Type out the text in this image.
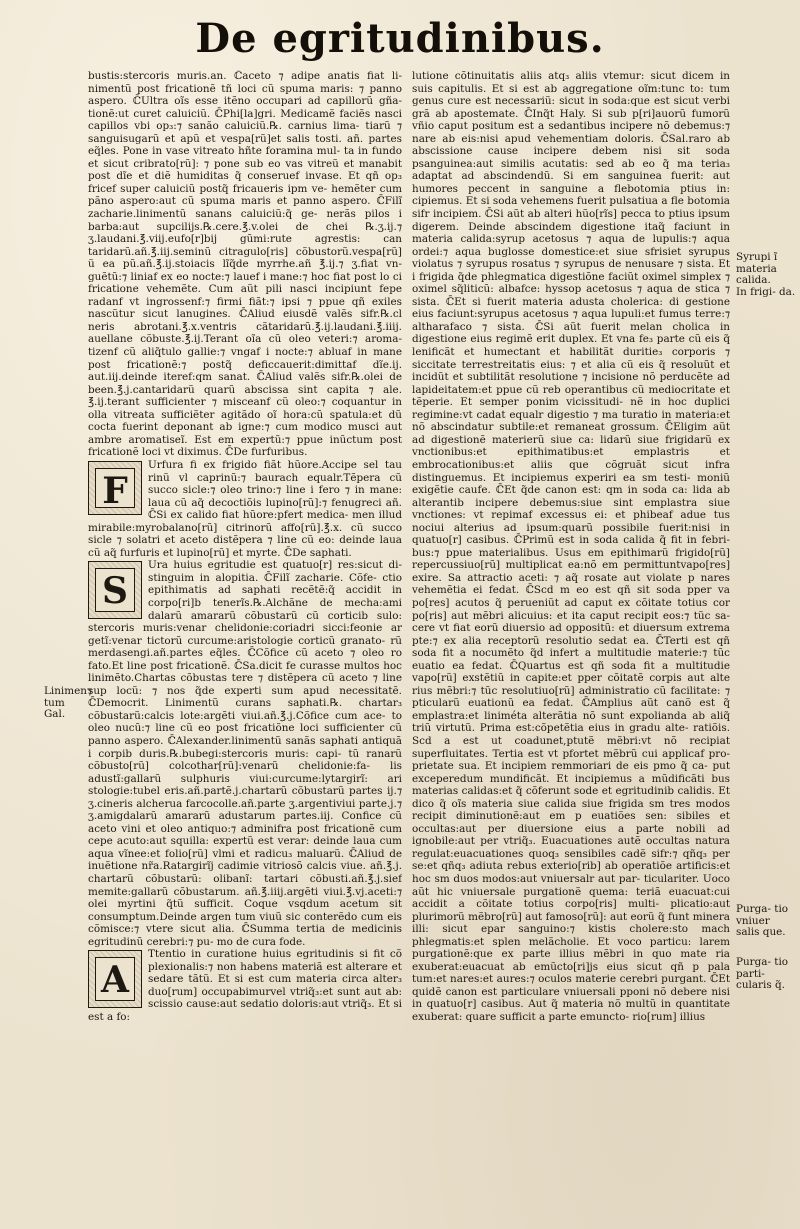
De egritudinibus.

bustis:stercoris muris.an. ℂ̄aceto ⁊ adipe anatis fiat li- nimentũ post fricationẽ tñ loci cũ spuma maris: ⁊ panno asperо. ℂ̄Ultra oĩs esse itẽno occupari ad capillorũ gña- tionẽ:ut curet caluiciũ. ℂ̄Phi[la]gri. Medicamẽ faciẽs nasci capillos vbi op₃:⁊ sanăo caluiciũ.℞. carnius lima- tiarũ ⁊ sanguisugarũ et apũ et vespa[rũ]et salis tosti. añ. partes eq̃les. Pone in vase vitreato hñte foramina mul- ta in fundo et sicut cribrato[rũ]: ⁊ pone sub eo vas vitreũ et manabit post dĩe et diẽ humiditas q̃ conseruef invase. Et qñ op₃ fricef super caluiciũ postq̃ fricaueris ipm ve- hemẽter cum pãno asperо:aut cũ spuma maris et panno asperо. ℂ̄Filĩ zacharie.linimentũ sanans caluiciũ:q̃ ge- nerãs pilos i barba:aut supcilijs.℞.cere.℥.v.olei de chei ℞.ʒ.ij.⁊ ʒ.laudani.℥.viij.eufo[r]bij gũmi:rute agrestis: can taridarũ.añ.℥.iij.seminũ citragulo[ris] cõbustorũ.vespa[rũ] ũ ea pũ.añ.℥.ij.stoiacis lĩq̃de myrrhe.añ ℥.ij.⁊ ʒ.fiat vn- guẽtũ:⁊ liniaf ex eo nocte:⁊ lauef i mane:⁊ hoc fiat post lo ci fricatione vehemẽte. Cum aũt pili nasci incipiunt fepe radanf vt ingrossenf:⁊ firmi fiãt:⁊ ipsi ⁊ ppue qñ exiles nascũtur sicut lanugines. ℂ̄Aliud eiusdẽ valẽs sifr.℞.cl neris abrotani.℥.x.ventris cãtaridarũ.℥.ij.laudani.℥.iiij. auellane cõbuste.℥.ij.Terant oĩa cũ oleo veteri:⁊ aroma- tizenf cũ aliq̃tulo gallie:⁊ vngaf i nocte:⁊ abluaf in mane post fricationẽ:⁊ postq̃ deficcauerit:dimittaf dĩe.ij. aut.iij.deinde iteref:qm sanat. ℂ̄Aliud valẽs sifr.℞.olei de been.℥.j.cantaridarũ quarũ abscissa sint capita ⁊ ale. ℥.ij.terant sufficienter ⁊ misceanf cũ oleo:⁊ coquantur in olla vitreata sufficiẽter agitãdo oĩ hora:cũ spatula:et dũ cocta fuerint deponant ab igne:⁊ cum modico musci aut ambre aromatiseĩ. Est em expertũ:⁊ ppue inũctum post fricationẽ loci vt diximus. ℂ̄De furfuribus.

F

Urfura fi ex frigido fiãt hũore.Accipe sel tau rinũ vl caprinũ:⁊ baurach equalr.Tẽpera cũ succo sicle:⁊ oleo trino:⁊ line i fero ⁊ in mane: laua cũ aq̃ decoctiõis lupino[rũ]:⁊ fenugreci añ. ℂ̄Si ex calido fiat hũore:pfert medica- men illud mirabile:myrobalano[rũ] citrinorũ affo[rũ].℥.x. cũ succo sicle ⁊ solatri et aceto distẽpera ⁊ line cũ eo: deinde laua cũ aq̃ furfuris et lupino[rũ] et myrte. ℂ̄De saphati.

S

Ura huius egritudie est quatuo[r] res:sicut di- stinguim in alopitia. ℂ̄Filĩ zacharie. Cõfe- ctio epithimatis ad saphati recẽtẽ:q̃ accidit in corpo[ri]b tenerĩs.℞.Alchãne de mecha:ami dalarũ amararũ cõbustarũ cũ corticib sulo: stercoris muris:venar chelidonie:coriadri sicci:feonie ar getĩ:venar tictorũ curcume:aristologie corticũ granato- rũ merdasengi.añ.partes eq̃les. ℂ̄Cõfice cũ aceto ⁊ oleo ro fato.Et line post fricationẽ. ℂ̄Sa.dicit fe curasse multos hoc linimẽto.Chartas cõbustas tere ⁊ distẽpera cũ aceto ⁊ line sup locũ: ⁊ nos q̃de experti sum apud necessitatẽ. ℂ̄Democrit. Linimentũ curans saphati.℞. chartar₃ cõbustarũ:calcis lote:argẽti viui.añ.℥.j.Cõfice cum ace- to oleo nucũ:⁊ line cũ eo post fricatiõne loci sufficienter cũ panno asperо. ℂ̄Alexander.linimentũ sanãs saphati antiquã i corpib duris.℞.bubegi:stercoris muris: capi- tũ ranarũ cõbusto[rũ] colcothar[rũ]:venarũ chelidonie:fa- lis adustĩ:gallarũ sulphuris viui:curcume:lytargirĩ: ari stologie:tubel eris.añ.partẽ.j.chartarũ cõbustarũ partes ij.⁊ ʒ.cineris alcherua farcocolle.añ.parte ʒ.argentiviui parte.j.⁊ ʒ.amigdalarũ amararũ adustarum partes.iij. Confice cũ aceto vini et oleo antiquo:⁊ adminifra post fricationẽ cum cepe acuto:aut squilla: expertũ est verar: deinde laua cum aqua vĩnee:et folio[rũ] vlmi et radicu₃ maluarũ. ℂ̄Aliud de inuẽtione nr̃a.Ratargirĩj cadimie vitriosõ calcis viue. añ.℥.j. chartarũ cõbustarũ: olibanĩ: tartari cõbusti.añ.℥.j.sief memite:gallarũ cõbustarum. añ.℥.iiij.argẽti viui.℥.vj.aceti:⁊ olei myrtini q̃tũ sufficit. Coque vsqdum acetum sit consumptum.Deinde argen tum viuũ sic conterẽdo cum eis cõmisce:⁊ vtere sicut alia. ℂ̄Summa tertia de medicinis egritudinũ cerebri:⁊ pu- mo de cura fode.

A

Ttentio in curatione huius egritudinis si fit cõ plexionalis:⁊ non habens materiã est alterare et sedare tãtũ. Et si est cum materia circa alter₃ duo[rum] occupabimurvel vtriq̃₃:et sunt aut ab: scissio cause:aut sedatio doloris:aut vtriq̃₃. Et si est a fo:

lutione cõtinuitatis aliis atq₃ aliis vtemur: sicut dicem in suis capitulis. Et si est ab aggregatione oĩm:tunc to: tum genus cure est necessariũ: sicut in soda:que est sicut verbi grã ab apostemate. ℂ̄Inq̃t Haly. Si sub p[ri]auorũ fumorũ vñio caput positum est a sedantibus incipere nõ debemus:⁊ nare ab eis:nisi apud vehementiam doloris. ℂ̄Sal.raro ab abscissione cause incipere debem nisi sit soda psanguinea:aut similis acutatis: sed ab eo q̃ ma teria₃ adaptat ad abscindendũ. Si em sanguinea fuerit: aut humores peccent in sanguine a flebotomia ptius in: cipiemus. Et si soda vehemens fuerit pulsatiua a fle botomia sifr incipiem. ℂ̄Si aũt ab alteri hũo[rĩs] pecca to ptius ipsum digerem. Deinde abscindem digestione itaq̃ faciunt in materia calida:syrup acetosus ⁊ aqua de lupulis:⁊ aqua ordei:⁊ aqua buglosse domestice:et siue sfrisiet syrupus violatus ⁊ syrupus rosatus ⁊ syrupus de nenusare ⁊ sista. Et i frigida q̃de phlegmatica digestiõne faciũt oximel simplex ⁊ oximel sq̃liticũ: albafce: hyssop acetosus ⁊ aqua de stica ⁊ sista. ℂ̄Et si fuerit materia adusta cholerica: di gestione eius faciunt:syrupus acetosus ⁊ aqua lupuli:et fumus terre:⁊ altharafaco ⁊ sista. ℂ̄Si aũt fuerit melan cholica in digestione eius regimẽ erit duplex. Et vna fe₃ parte cũ eis q̃ lenificãt et humectant et habilitãt duritie₃ corporis ⁊ siccitate terrestreitatis eius: ⁊ et alia cũ eis q̃ resoluũt et incidũt et subtilitãt resolutione ⁊ incisione nõ perducẽte ad lapideitatem:et ppue cũ reb operantibus cũ mediocritate et tẽperie. Et semper ponim vicissitudi- nẽ in hoc duplici regimine:vt cadat equalr digestio ⁊ ma turatio in materia:et nõ abscindatur subtile:et remaneat grossum. ℂ̄Eligim aũt ad digestionẽ materierũ siue ca: lidarũ siue frigidarũ ex vnctionibus:et epithimatibus:et emplastris et embrocationibus:et aliis que cõgruãt sicut infra distinguemus. Et incipiemus experiri ea sm testi- moniũ exigẽtie caufe. ℂ̄Et q̃de canon est: qm in soda ca: lida ab alterantib incipere debemus:siue sint emplastra siue vnctiones: vt repimaf excessus ei: et phibeaf adue tus nociui alterius ad ipsum:quarũ possibile fuerit:nisi in quatuo[r] casibus. ℂ̄Primũ est in soda calida q̃ fit in febri- bus:⁊ ppue materialibus. Usus em epithimarũ frigido[rũ] repercussiuo[rũ] multiplicat ea:nõ em permittuntvapo[res] exire. Sa attractio aceti: ⁊ aq̃ rosate aut violate p nares vehemẽtia ei fedat. ℂ̄Scd m eo est qñ sit soda pper va po[res] acutos q̃ perueniũt ad caput ex cõitate totius cor po[ris] aut mẽbri alicuius: et ita caput recipit eos:⁊ tũc sa- cere vt fiat eorũ diuersio ad oppositũ: et diuersum extrema pte:⁊ ex alia receptorũ resolutio sedat ea. ℂ̄Terti est qñ soda fit a nocumẽto q̃d infert a multitudie materie:⁊ tũc euatio ea fedat. ℂ̄Quartus est qñ soda fit a multitudie vapo[rũ] exstẽtiũ in capite:et pper cõitatẽ corpis aut alte rius mẽbri:⁊ tũc resolutiuo[rũ] administratio cũ facilitate: ⁊ pticularũ euationũ ea fedat. ℂ̄Amplius aũt canõ est q̃ emplastra:et liniméta alterãtia nõ sunt expolianda ab aliq̃ triũ virtutũ. Prima est:cõpetẽtia eius in gradu alte- ratiõis. Scd a est ut coadunet,ptutẽ mẽbri:vt nõ recipiat superfluitates. Tertia est vt pfortet mẽbrũ cui applicaf pro- prietate sua. Et incipiem remmoriari de eis pmo q̃ ca- put exceperedum mundificãt. Et incipiemus a mũdificãti bus materias calidas:et q̃ cõferunt sode et egritudinib calidis. Et dico q̃ oĩs materia siue calida siue frigida sm tres modos recipit diminutionẽ:aut em p euatiões sen: sibiles et occultas:aut per diuersione eius a parte nobili ad ignobile:aut per vtriq̃₃. Euacuationes autẽ occultas natura regulat:euacuationes quoq₃ sensibiles cadẽ sifr:⁊ qñq₃ per se:et qñq₃ adiuta rebus exterio[rib] ab operatiõe artificis:et hoc sm duos modos:aut vniuersalr aut par- ticulariter. Uoco aũt hic vniuersale purgationẽ quema: teriã euacuat:cui accidit a cõitate totius corpo[ris] multi- plicatio:aut plurimorũ mẽbro[rũ] aut famoso[rũ]: aut eorũ q̃ funt minera illi: sicut epar sanguino:⁊ kistis cholere:sto mach phlegmatis:et splen melãcholie. Et voco particu: larem purgationẽ:que ex parte illius mẽbri in quo mate ria exuberat:euacuat ab emũcto[ri]js eius sicut qñ p pala tum:et nares:et aures:⁊ oculos materie cerebri purgant. ℂ̄Et quidẽ canon est particulare vniuersali pponi nõ debere nisi in quatuo[r] casibus. Aut q̃ materia nõ multũ in quantitate exuberat: quare sufficit a parte emuncto- rio[rum] illius

Linimen⁊ tum Gal.
Syrupi ĩ materia calida.
In frigi- da.
Purga- tio vniuer salis que.
Purga- tio parti- cularis q̃.
